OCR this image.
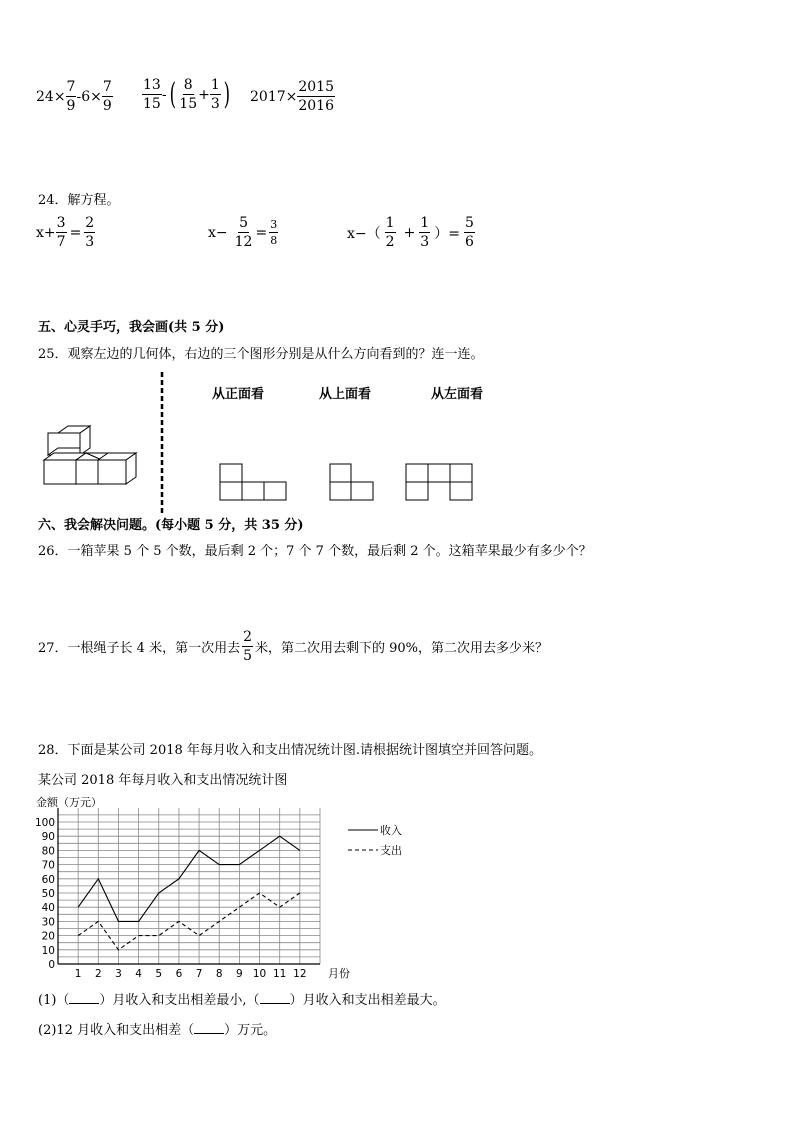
$24\times \frac{7}{9} -6\times \frac{7}{9} \frac{13}{15}$ - ( $\frac{8}{15} + \frac{1}{3}$ ) $2017\times \frac{2015}{2016}$
24．解方程。
$x+ \frac{3}{7} = \frac{2}{3}$	$x- \frac{5}{12} = \frac{3}{8}$	$x-( \frac{1}{2} + \frac{1}{3}$ ）= $\frac{5}{6}$
五、心灵手巧，我会画(共 5 分)
25．观察左边的几何体，右边的三个图形分别是从什么方向看到的？连一连。
从正面看	从上面看	从左面看
六、我会解决问题。(每小题 5 分，共 35 分)
26．一箱苹果 5 个 5 个数，最后剩 2 个；7 个 7 个数，最后剩 2 个。这箱苹果最少有多少个？
27．一根绳子长 4 米，第一次用去 $\frac{2}{5}$ 米，第二次用去剩下的 90%，第二次用去多少米？
28．下面是某公司 2018 年每月收入和支出情况统计图.请根据统计图填空并回答问题。
某公司 2018 年每月收入和支出情况统计图
金额（万元）
0
10
20
30
40
50
60
70
80
90
100
1 2 3 4 5 6 7 8 9 10 11 12 月份
收入
支出
(1)（ ）月收入和支出相差最小,（ ）月收入和支出相差最大。
(2)12 月收入和支出相差（ ）万元。
